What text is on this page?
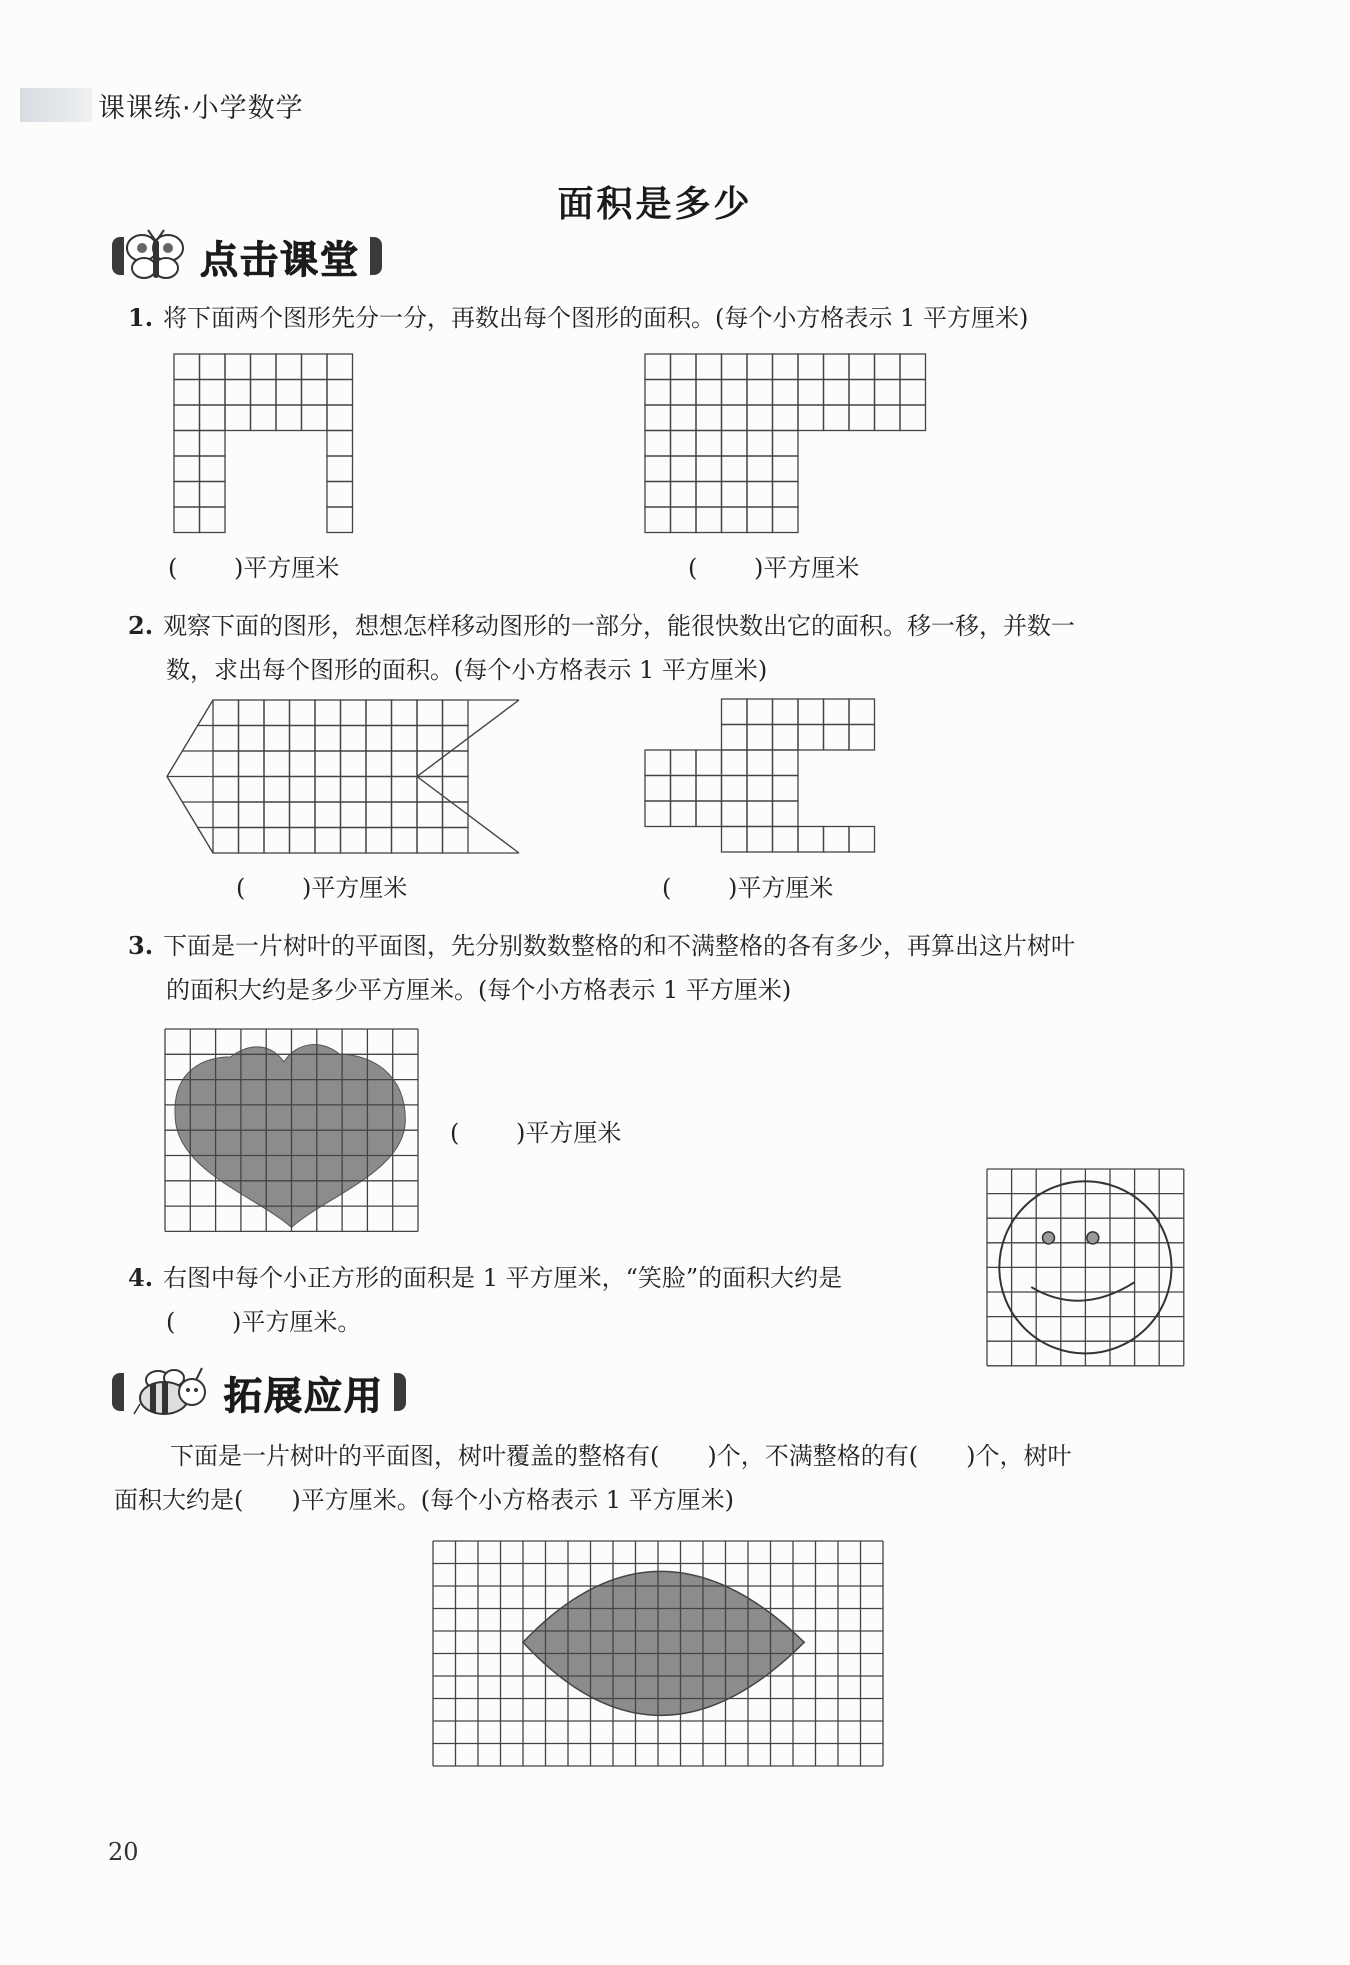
课课练·小学数学
面积是多少
点击课堂
1. 将下面两个图形先分一分，再数出每个图形的面积。(每个小方格表示 1 平方厘米)
( )平方厘米	( )平方厘米
2. 观察下面的图形，想想怎样移动图形的一部分，能很快数出它的面积。移一移，并数一
数，求出每个图形的面积。(每个小方格表示 1 平方厘米)
( )平方厘米	( )平方厘米
3. 下面是一片树叶的平面图，先分别数数整格的和不满整格的各有多少，再算出这片树叶
的面积大约是多少平方厘米。(每个小方格表示 1 平方厘米)
( )平方厘米
4. 右图中每个小正方形的面积是 1 平方厘米，“笑脸”的面积大约是
( )平方厘米。
拓展应用
下面是一片树叶的平面图，树叶覆盖的整格有(　　)个，不满整格的有(　　)个，树叶
面积大约是(　　)平方厘米。(每个小方格表示 1 平方厘米)
20
